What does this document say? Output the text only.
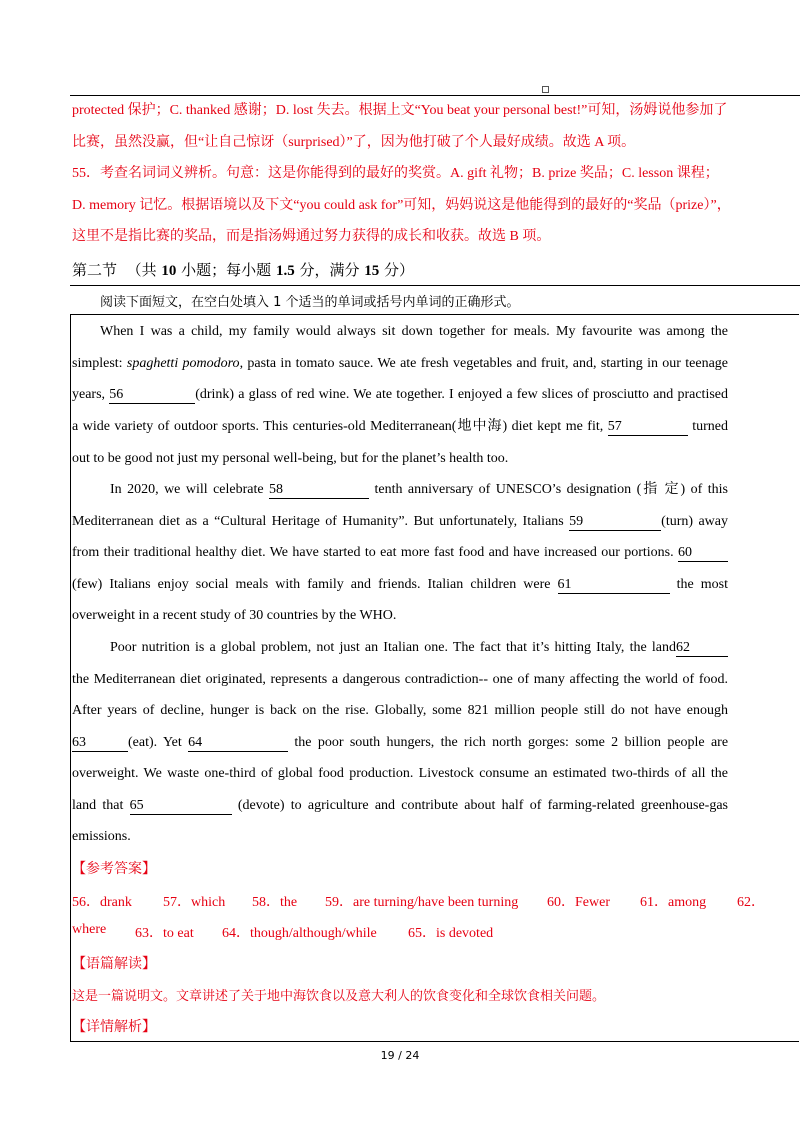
protected 保护；C. thanked 感谢；D. lost 失去。根据上文“You beat your personal best!”可知，汤姆说他参加了
比赛，虽然没赢，但“让自己惊讶（surprised）”了，因为他打破了个人最好成绩。故选 A 项。
55．考查名词词义辨析。句意：这是你能得到的最好的奖赏。A. gift 礼物；B. prize 奖品；C. lesson 课程；
D. memory 记忆。根据语境以及下文“you could ask for”可知，妈妈说这是他能得到的最好的“奖品（prize）”，
这里不是指比赛的奖品，而是指汤姆通过努力获得的成长和收获。故选 B 项。
第二节 （共 10 小题；每小题 1.5 分，满分 15 分）
阅读下面短文，在空白处填入 1 个适当的单词或括号内单词的正确形式。
When I was a child, my family would always sit down together for meals. My favourite was among the
simplest: spaghetti pomodoro, pasta in tomato sauce. We ate fresh vegetables and fruit, and, starting in our teenage
years, 56	(drink) a glass of red wine. We ate together. I enjoyed a few slices of prosciutto and practised
a wide variety of outdoor sports. This centuries-old Mediterranean(地中海) diet kept me fit, 57	turned
out to be good not just my personal well-being, but for the planet’s health too.
In 2020, we will celebrate 58	tenth anniversary of UNESCO’s designation (指 定) of this
Mediterranean diet as a “Cultural Heritage of Humanity”. But unfortunately, Italians 59	(turn) away
from their traditional healthy diet. We have started to eat more fast food and have increased our portions. 60
(few) Italians enjoy social meals with family and friends. Italian children were 61	the most
overweight in a recent study of 30 countries by the WHO.
Poor nutrition is a global problem, not just an Italian one. The fact that it’s hitting Italy, the land62
the Mediterranean diet originated, represents a dangerous contradiction-- one of many affecting the world of food.
After years of decline, hunger is back on the rise. Globally, some 821 million people still do not have enough
63	(eat). Yet 64	the poor south hungers, the rich north gorges: some 2 billion people are
overweight. We waste one-third of global food production. Livestock consume an estimated two-thirds of all the
land that 65	(devote) to agriculture and contribute about half of farming-related greenhouse-gas
emissions.
【参考答案】
56．drank 57．which 58．the 59．are turning/have been turning 60．Fewer 61．among 62．
where 63．to eat 64．though/although/while 65．is devoted
【语篇解读】
这是一篇说明文。文章讲述了关于地中海饮食以及意大利人的饮食变化和全球饮食相关问题。
【详情解析】
19 / 24
